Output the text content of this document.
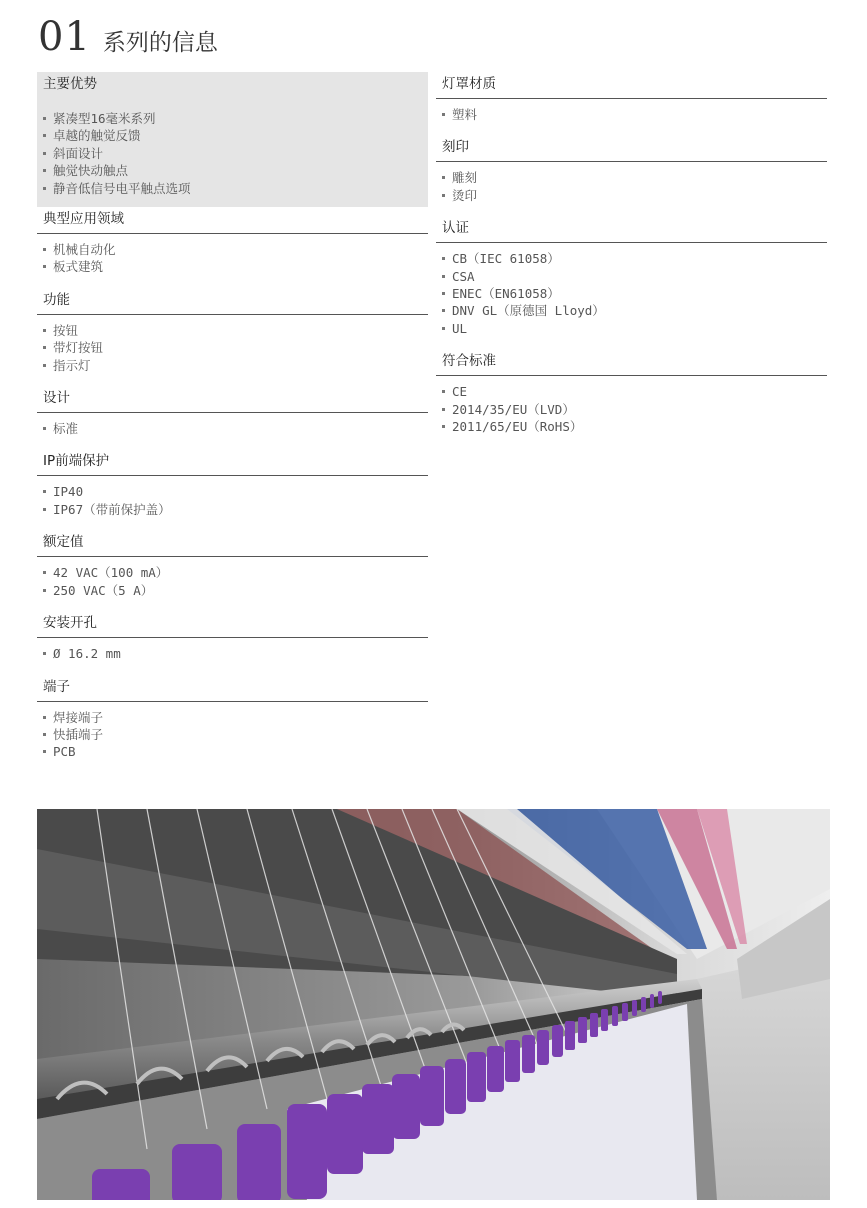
01 系列的信息
主要优势
紧凑型16毫米系列
卓越的触觉反馈
斜面设计
触觉快动触点
静音低信号电平触点选项
典型应用领域
机械自动化
板式建筑
功能
按钮
带灯按钮
指示灯
设计
标准
IP前端保护
IP40
IP67（带前保护盖）
额定值
42 VAC（100 mA）
250 VAC（5 A）
安装开孔
Ø 16.2 mm
端子
焊接端子
快插端子
PCB
灯罩材质
塑料
刻印
雕刻
烫印
认证
CB（IEC 61058）
CSA
ENEC（EN61058）
DNV GL（原德国 Lloyd）
UL
符合标准
CE
2014/35/EU（LVD）
2011/65/EU（RoHS）
